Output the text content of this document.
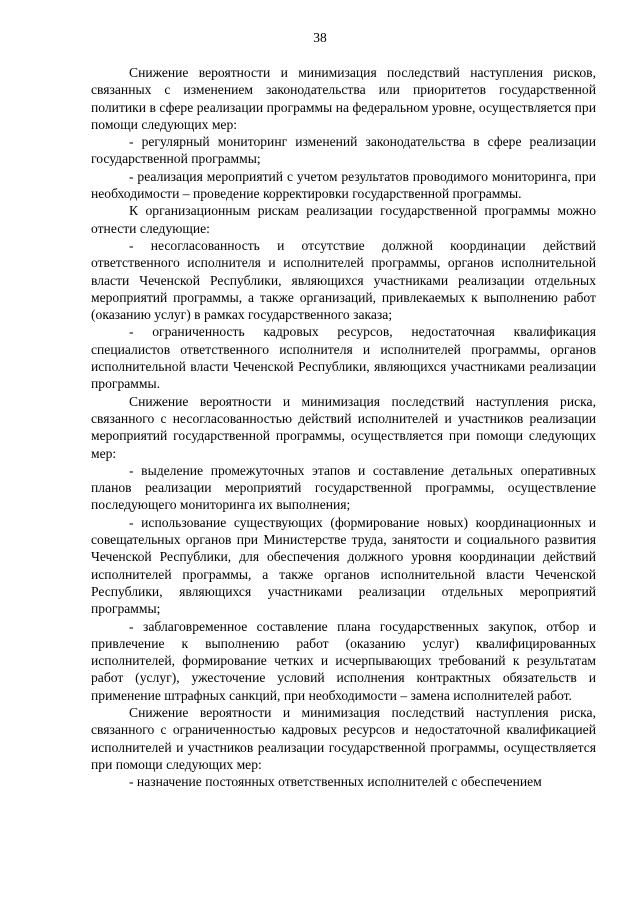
38

Снижение вероятности и минимизация последствий наступления рисков, связанных с изменением законодательства или приоритетов государственной политики в сфере реализации программы на федеральном уровне, осуществляется при помощи следующих мер:

- регулярный мониторинг изменений законодательства в сфере реализации государственной программы;

- реализация мероприятий с учетом результатов проводимого мониторинга, при необходимости – проведение корректировки государственной программы.

К организационным рискам реализации государственной программы можно отнести следующие:

- несогласованность и отсутствие должной координации действий ответственного исполнителя и исполнителей программы, органов исполнительной власти Чеченской Республики, являющихся участниками реализации отдельных мероприятий программы, а также организаций, привлекаемых к выполнению работ (оказанию услуг) в рамках государственного заказа;

- ограниченность кадровых ресурсов, недостаточная квалификация специалистов ответственного исполнителя и исполнителей программы, органов исполнительной власти Чеченской Республики, являющихся участниками реализации программы.

Снижение вероятности и минимизация последствий наступления риска, связанного с несогласованностью действий исполнителей и участников реализации мероприятий государственной программы, осуществляется при помощи следующих мер:

- выделение промежуточных этапов и составление детальных оперативных планов реализации мероприятий государственной программы, осуществление последующего мониторинга их выполнения;

- использование существующих (формирование новых) координационных и совещательных органов при Министерстве труда, занятости и социального развития Чеченской Республики, для обеспечения должного уровня координации действий исполнителей программы, а также органов исполнительной власти Чеченской Республики, являющихся участниками реализации отдельных мероприятий программы;

- заблаговременное составление плана государственных закупок, отбор и привлечение к выполнению работ (оказанию услуг) квалифицированных исполнителей, формирование четких и исчерпывающих требований к результатам работ (услуг), ужесточение условий исполнения контрактных обязательств и применение штрафных санкций, при необходимости – замена исполнителей работ.

Снижение вероятности и минимизация последствий наступления риска, связанного с ограниченностью кадровых ресурсов и недостаточной квалификацией исполнителей и участников реализации государственной программы, осуществляется при помощи следующих мер:

- назначение постоянных ответственных исполнителей с обеспечением
